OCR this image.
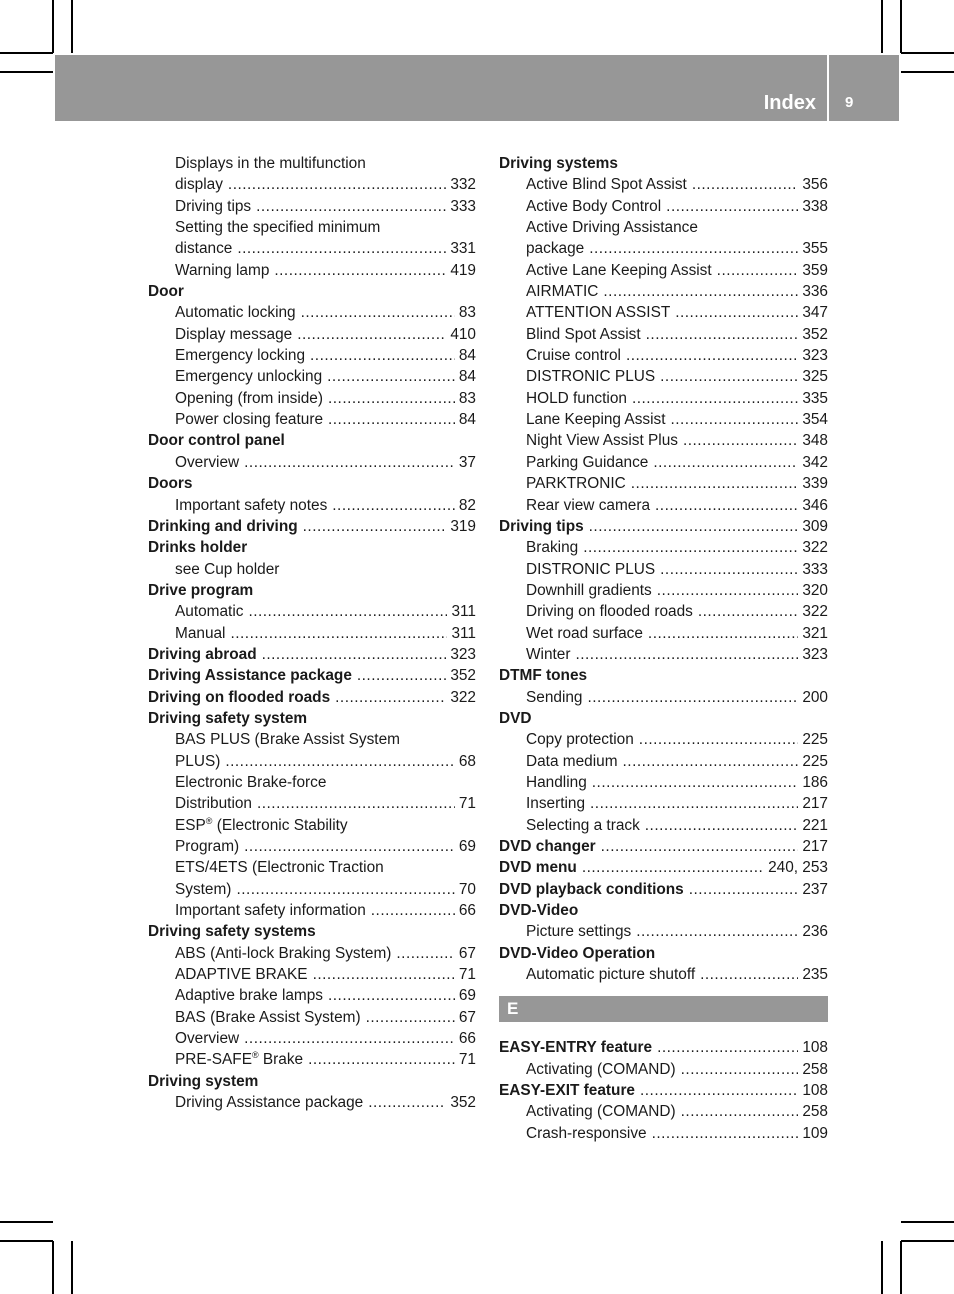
Index 9
Displays in the multifunction
display .....	332
Driving tips .....	333
Setting the specified minimum
distance .....	331
Warning lamp .....	419
Door
Automatic locking .....	83
Display message .....	410
Emergency locking .....	84
Emergency unlocking .....	84
Opening (from inside) .....	83
Power closing feature .....	84
Door control panel
Overview .....	37
Doors
Important safety notes .....	82
Drinking and driving .....	319
Drinks holder
see Cup holder
Drive program
Automatic .....	311
Manual .....	311
Driving abroad .....	323
Driving Assistance package .....	352
Driving on flooded roads .....	322
Driving safety system
BAS PLUS (Brake Assist System
PLUS) .....	68
Electronic Brake-force
Distribution .....	71
ESP® (Electronic Stability
Program) .....	69
ETS/4ETS (Electronic Traction
System) .....	70
Important safety information .....	66
Driving safety systems
ABS (Anti-lock Braking System) .....	67
ADAPTIVE BRAKE .....	71
Adaptive brake lamps .....	69
BAS (Brake Assist System) .....	67
Overview .....	66
PRE-SAFE® Brake .....	71
Driving system
Driving Assistance package .....	352
Driving systems
Active Blind Spot Assist .....	356
Active Body Control .....	338
Active Driving Assistance
package .....	355
Active Lane Keeping Assist .....	359
AIRMATIC .....	336
ATTENTION ASSIST .....	347
Blind Spot Assist .....	352
Cruise control .....	323
DISTRONIC PLUS .....	325
HOLD function .....	335
Lane Keeping Assist .....	354
Night View Assist Plus .....	348
Parking Guidance .....	342
PARKTRONIC .....	339
Rear view camera .....	346
Driving tips .....	309
Braking .....	322
DISTRONIC PLUS .....	333
Downhill gradients .....	320
Driving on flooded roads .....	322
Wet road surface .....	321
Winter .....	323
DTMF tones
Sending .....	200
DVD
Copy protection .....	225
Data medium .....	225
Handling .....	186
Inserting .....	217
Selecting a track .....	221
DVD changer .....	217
DVD menu .....	240, 253
DVD playback conditions .....	237
DVD-Video
Picture settings .....	236
DVD-Video Operation
Automatic picture shutoff .....	235
E
EASY-ENTRY feature .....	108
Activating (COMAND) .....	258
EASY-EXIT feature .....	108
Activating (COMAND) .....	258
Crash-responsive .....	109
